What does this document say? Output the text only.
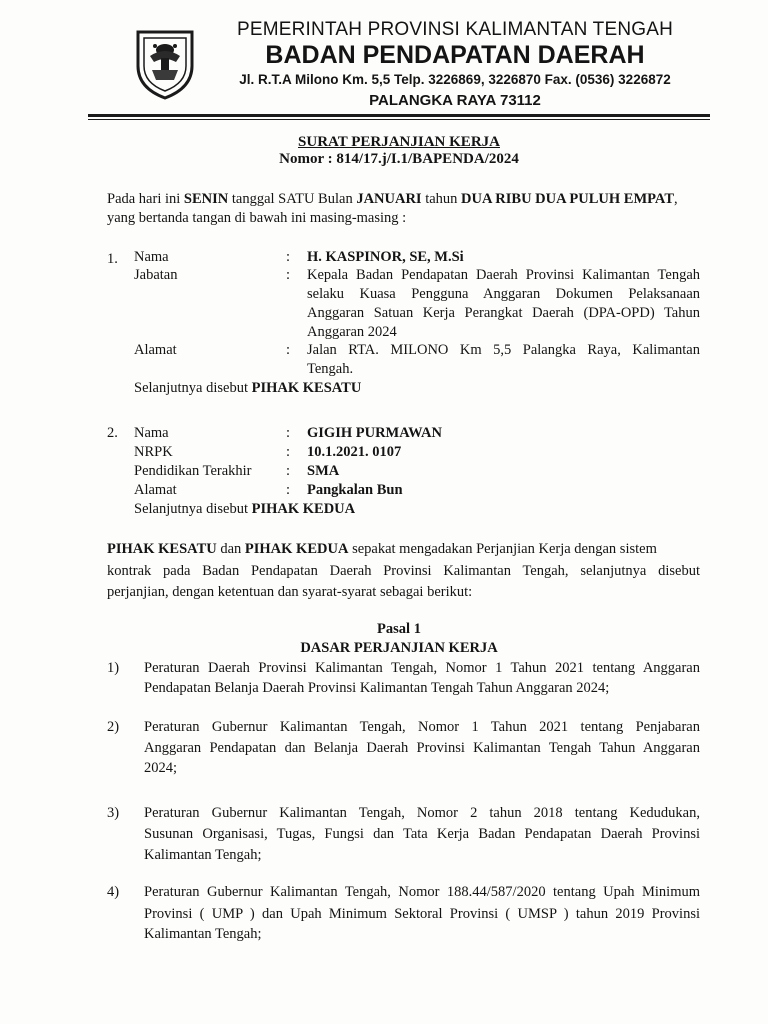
PEMERINTAH PROVINSI KALIMANTAN TENGAH
BADAN PENDAPATAN DAERAH
Jl. R.T.A Milono Km. 5,5 Telp. 3226869, 3226870 Fax. (0536) 3226872
PALANGKA RAYA 73112
SURAT PERJANJIAN KERJA
Nomor : 814/17.j/I.1/BAPENDA/2024
Pada hari ini SENIN tanggal SATU Bulan JANUARI tahun DUA RIBU DUA PULUH EMPAT,
yang bertanda tangan di bawah ini masing-masing :
1. Nama	: H. KASPINOR, SE, M.Si
Jabatan	: Kepala Badan Pendapatan Daerah Provinsi Kalimantan Tengah
selaku Kuasa Pengguna Anggaran Dokumen Pelaksanaan
Anggaran Satuan Kerja Perangkat Daerah (DPA-OPD) Tahun
Anggaran 2024
Alamat	: Jalan RTA. MILONO Km 5,5 Palangka Raya, Kalimantan
Tengah.
Selanjutnya disebut PIHAK KESATU
2. Nama	: GIGIH PURMAWAN
NRPK	: 10.1.2021. 0107
Pendidikan Terakhir : SMA
Alamat	: Pangkalan Bun
Selanjutnya disebut PIHAK KEDUA
PIHAK KESATU dan PIHAK KEDUA sepakat mengadakan Perjanjian Kerja dengan sistem
kontrak pada Badan Pendapatan Daerah Provinsi Kalimantan Tengah, selanjutnya disebut
perjanjian, dengan ketentuan dan syarat-syarat sebagai berikut:
Pasal 1
DASAR PERJANJIAN KERJA
1) Peraturan Daerah Provinsi Kalimantan Tengah, Nomor 1 Tahun 2021 tentang Anggaran
Pendapatan Belanja Daerah Provinsi Kalimantan Tengah Tahun Anggaran 2024;
2) Peraturan Gubernur Kalimantan Tengah, Nomor 1 Tahun 2021 tentang Penjabaran
Anggaran Pendapatan dan Belanja Daerah Provinsi Kalimantan Tengah Tahun Anggaran
2024;
3) Peraturan Gubernur Kalimantan Tengah, Nomor 2 tahun 2018 tentang Kedudukan,
Susunan Organisasi, Tugas, Fungsi dan Tata Kerja Badan Pendapatan Daerah Provinsi
Kalimantan Tengah;
4) Peraturan Gubernur Kalimantan Tengah, Nomor 188.44/587/2020 tentang Upah Minimum
Provinsi ( UMP ) dan Upah Minimum Sektoral Provinsi ( UMSP ) tahun 2019 Provinsi
Kalimantan Tengah;
